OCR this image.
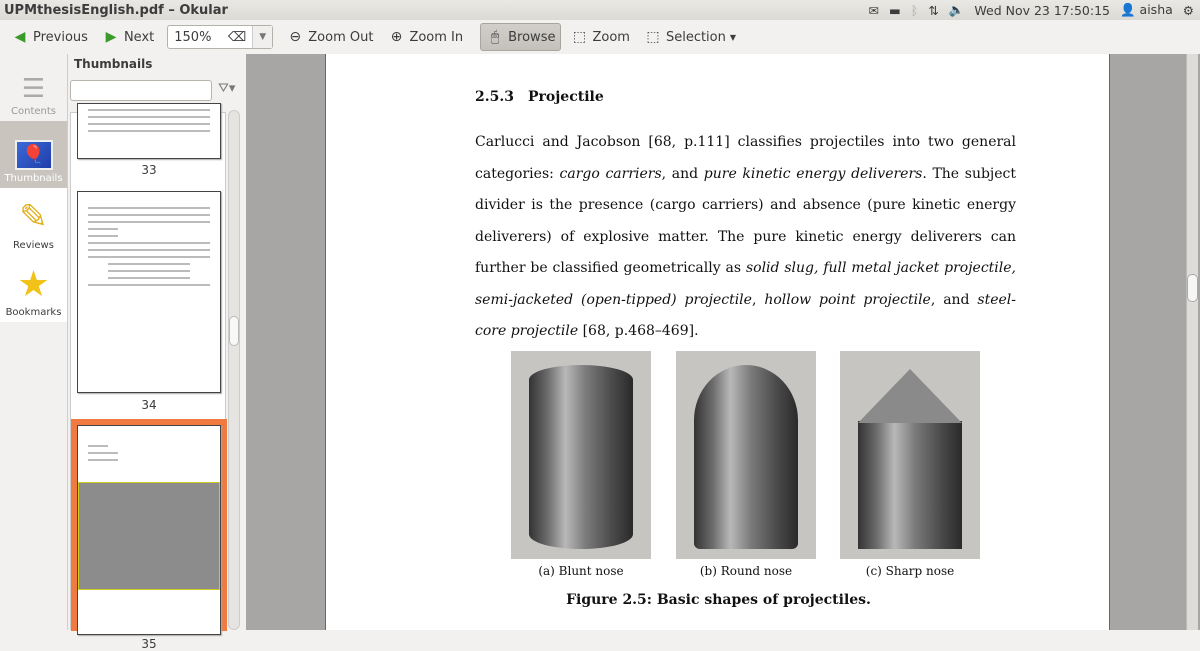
UPMthesisEnglish.pdf – Okular	✉ ▬ ᛒ ⇅ 🔈 Wed Nov 23 17:50:15 👤 aisha ⚙
◀ Previous ▶ Next	150%	⌫	▼	⊖ Zoom Out ⊕ Zoom In	🖱 Browse ⬚ Zoom ⬚ Selection ▼
☰
Contents
🎈
Thumbnails
✎
Reviews
★
Bookmarks
Thumbnails
⛛▾
33
34
35
2.5.3 Projectile
Carlucci and Jacobson [68, p.111] classifies projectiles into two general categories: cargo carriers, and pure kinetic energy deliverers. The subject divider is the presence (cargo carriers) and absence (pure kinetic energy deliverers) of explosive matter. The pure kinetic energy deliverers can further be classified geometrically as solid slug, full metal jacket projectile, semi-jacketed (open-tipped) projectile, hollow point projectile, and steel-core projectile [68, p.468–469].
(a) Blunt nose	(b) Round nose	(c) Sharp nose
Figure 2.5: Basic shapes of projectiles.
